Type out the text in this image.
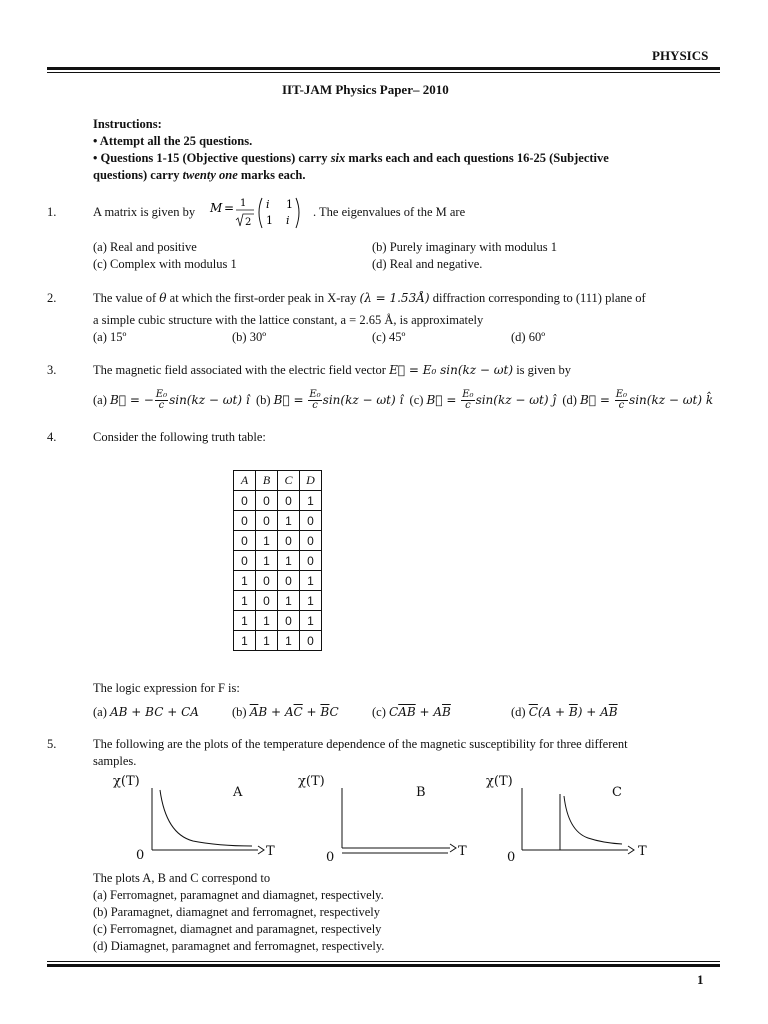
PHYSICS
IIT-JAM Physics Paper– 2010
Instructions:
• Attempt all the 25 questions.
• Questions 1-15 (Objective questions) carry six marks each and each questions 16-25 (Subjective
questions) carry twenty one marks each.
1.	A matrix is given by M = 1
2
i 1
1 i
. The eigenvalues of the M are
(a) Real and positive	(b) Purely imaginary with modulus 1
(c) Complex with modulus 1	(d) Real and negative.
2.	The value of θ at which the first-order peak in X-ray (λ = 1.53Å) diffraction corresponding to (111) plane of
a simple cubic structure with the lattice constant, a = 2.65 Å, is approximately
(a) 15º	(b) 30º	(c) 45º	(d) 60º
3.	The magnetic field associated with the electric field vector E⃗ = E₀ sin(kz − ωt) is given by
(a) B⃗ = − $\frac{\text{E₀}}{c} \sin(kz - \omega t)$ î (b) B⃗ = $\frac{\text{E₀}}{c} \sin(kz - \omega t)$ î (c) B⃗ = $\frac{\text{E₀}}{c} \sin(kz - \omega t)$ ĵ (d) B⃗ = $\frac{\text{E₀}}{c} \sin(kz - \omega t)$ k̂
4.	Consider the following truth table:
A	B	C	D
0	0	0	1
0	0	1	0
0	1	0	0
0	1	1	0
1	0	0	1
1	0	1	1
1	1	0	1
1	1	1	0
The logic expression for F is:
(a) AB + BC + CA	(b) $\overline{A}B + A\overline{C} + \overline{B}C$	(c) $C\overline{AB} + A\overline{B}$	(d) $\overline{C}(A + \overline{B}) + A\overline{B}$
5.	The following are the plots of the temperature dependence of the magnetic susceptibility for three different
samples.
χ(T)
A
0	T
χ(T)
B
0	T
χ(T)
C
0	T
The plots A, B and C correspond to
(a) Ferromagnet, paramagnet and diamagnet, respectively.
(b) Paramagnet, diamagnet and ferromagnet, respectively
(c) Ferromagnet, diamagnet and paramagnet, respectively
(d) Diamagnet, paramagnet and ferromagnet, respectively.
1
